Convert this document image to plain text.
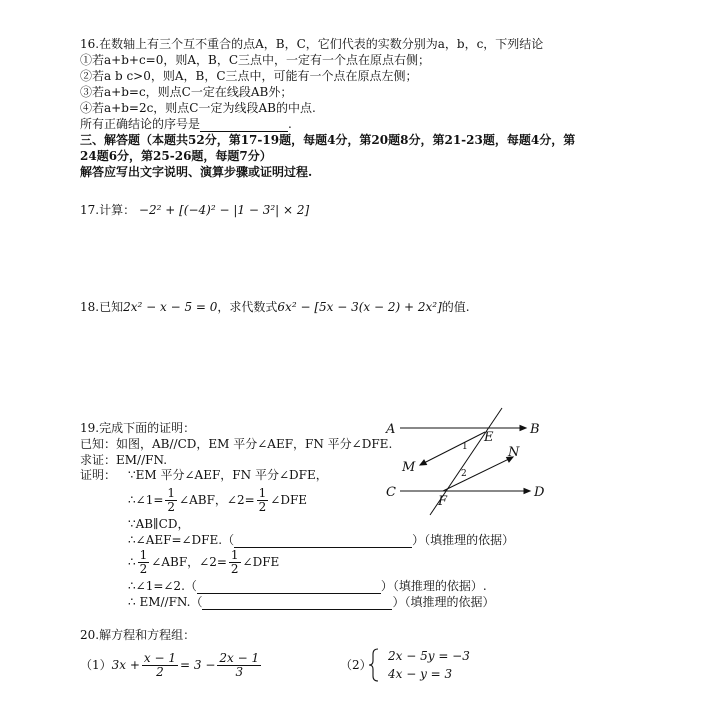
16.在数轴上有三个互不重合的点A，B，C，它们代表的实数分别为a，b，c，下列结论
①若a+b+c=0，则A，B，C三点中，一定有一个点在原点右侧；
②若a b c>0，则A，B，C三点中，可能有一个点在原点左侧；
③若a+b=c，则点C一定在线段AB外；
④若a+b=2c，则点C一定为线段AB的中点.
所有正确结论的序号是	.
三、解答题（本题共52分，第17-19题，每题4分，第20题8分，第21-23题，每题4分，第
24题6分，第25-26题，每题7分）
解答应写出文字说明、演算步骤或证明过程.
17.计算： −2² + [(−4)² − |1 − 3²| × 2]
18.已知2x² − x − 5 = 0，求代数式6x² − [5x − 3(x − 2) + 2x²]的值.
19.完成下面的证明：
已知：如图，AB//CD，EM 平分∠AEF，FN 平分∠DFE.
求证：EM//FN.
证明： ∵EM 平分∠AEF，FN 平分∠DFE，
∴∠1= $\frac{1}{2}$ ∠ABF，∠2= $\frac{1}{2}$ ∠DFE
∵AB∥CD，
∴∠AEF=∠DFE.（	）（填推理的依据）
∴ $\frac{1}{2}$ ∠ABF，∠2= $\frac{1}{2}$ ∠DFE
∴∠1=∠2.（	）（填推理的依据）.
∴ EM//FN.（	）（填推理的依据）
A	B
C	D
E
F
M
N
1
2
20.解方程和方程组：
$(1)3x + \frac{x - 1}{2} = 3 - \frac{2x - 1}{3}$	（2）
2x − 5y = −3
4x − y = 3
